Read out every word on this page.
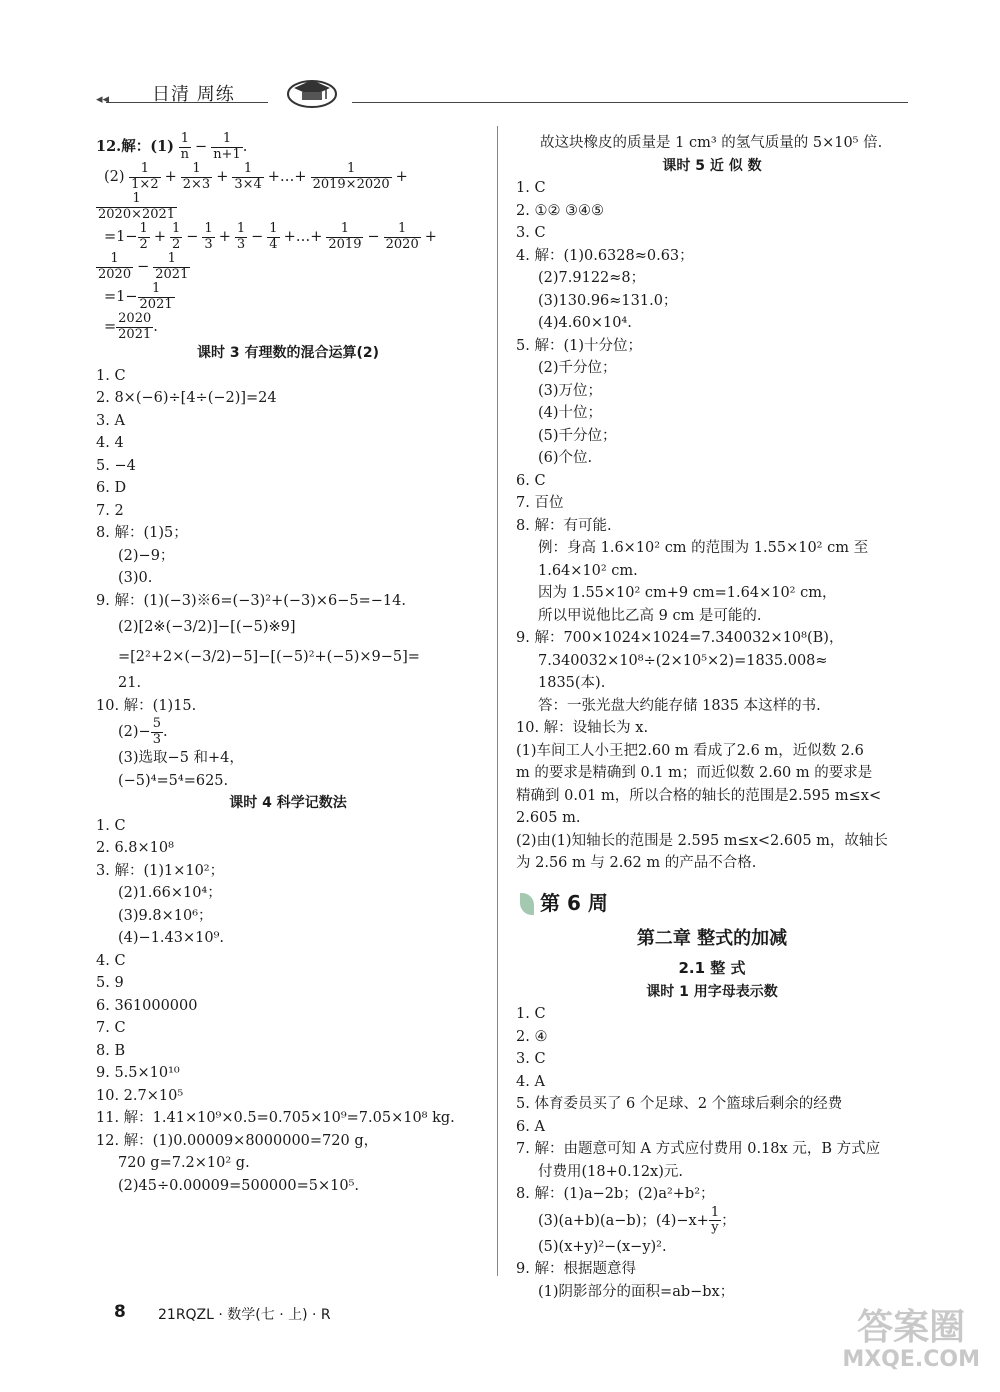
◂◂ 日清 周练
12.解：$(1) \frac{1}{n} - \frac{1}{n+1}$ .
$(2) \frac{1}{1\times 2} + \frac{1}{2\times 3} + \frac{1}{3\times 4}$ +…+ $\frac{1}{2019\times 2020}$ +
$\frac{1}{2020\times 2021}$
$=1- \frac{1}{2} + \frac{1}{2} - \frac{1}{3} + \frac{1}{3} - \frac{1}{4}$ +…+ $\frac{1}{2019} - \frac{1}{2020}$ +
$\frac{1}{2020} - \frac{1}{2021}$
$=1- \frac{1}{2021}$
= $\frac{2020}{2021}$ .
课时 3 有理数的混合运算(2)
1. C
2. 8×(−6)÷[4÷(−2)]=24
3. A
4. 4
5. −4
6. D
7. 2
8. 解：(1)5；
(2)−9；
(3)0.
9. 解：(1)(−3)※6=(−3)²+(−3)×6−5=−14.
(2)[2※(−3/2)]−[(−5)※9]
=[2²+2×(−3/2)−5]−[(−5)²+(−5)×9−5]=
21.
10. 解：(1)15.
$(2)- \frac{5}{3}$ .
(3)选取−5 和+4，
(−5)⁴=5⁴=625.
课时 4 科学记数法
1. C
2. 6.8×10⁸
3. 解：(1)1×10²；
(2)1.66×10⁴；
(3)9.8×10⁶；
(4)−1.43×10⁹.
4. C
5. 9
6. 361000000
7. C
8. B
9. 5.5×10¹⁰
10. 2.7×10⁵
11. 解：1.41×10⁹×0.5=0.705×10⁹=7.05×10⁸ kg.
12. 解：(1)0.00009×8000000=720 g，
720 g=7.2×10² g.
(2)45÷0.00009=500000=5×10⁵.
故这块橡皮的质量是 1 cm³ 的氢气质量的 5×10⁵ 倍.
课时 5 近 似 数
1. C
2. ①② ③④⑤
3. C
4. 解：(1)0.6328≈0.63；
(2)7.9122≈8；
(3)130.96≈131.0；
(4)4.60×10⁴.
5. 解：(1)十分位；
(2)千分位；
(3)万位；
(4)十位；
(5)千分位；
(6)个位.
6. C
7. 百位
8. 解：有可能.
例：身高 1.6×10² cm 的范围为 1.55×10² cm 至
1.64×10² cm.
因为 1.55×10² cm+9 cm=1.64×10² cm，
所以甲说他比乙高 9 cm 是可能的.
9. 解：700×1024×1024=7.340032×10⁸(B)，
7.340032×10⁸÷(2×10⁵×2)=1835.008≈
1835(本).
答：一张光盘大约能存储 1835 本这样的书.
10. 解：设轴长为 x.
(1)车间工人小王把2.60 m 看成了2.6 m，近似数 2.6
m 的要求是精确到 0.1 m；而近似数 2.60 m 的要求是
精确到 0.01 m，所以合格的轴长的范围是2.595 m≤x<
2.605 m.
(2)由(1)知轴长的范围是 2.595 m≤x<2.605 m，故轴长
为 2.56 m 与 2.62 m 的产品不合格.
第 6 周
第二章 整式的加减
2.1 整 式
课时 1 用字母表示数
1. C
2. ④
3. C
4. A
5. 体育委员买了 6 个足球、2 个篮球后剩余的经费
6. A
7. 解：由题意可知 A 方式应付费用 0.18x 元，B 方式应
付费用(18+0.12x)元.
8. 解：(1)a−2b；(2)a²+b²；
(3)(a+b)(a−b)；$(4)-x+ \frac{1}{y}$ ；
(5)(x+y)²−(x−y)².
9. 解：根据题意得
(1)阴影部分的面积=ab−bx；
8 21RQZL · 数学(七 · 上) · R	答案圈
MXQE.COM
